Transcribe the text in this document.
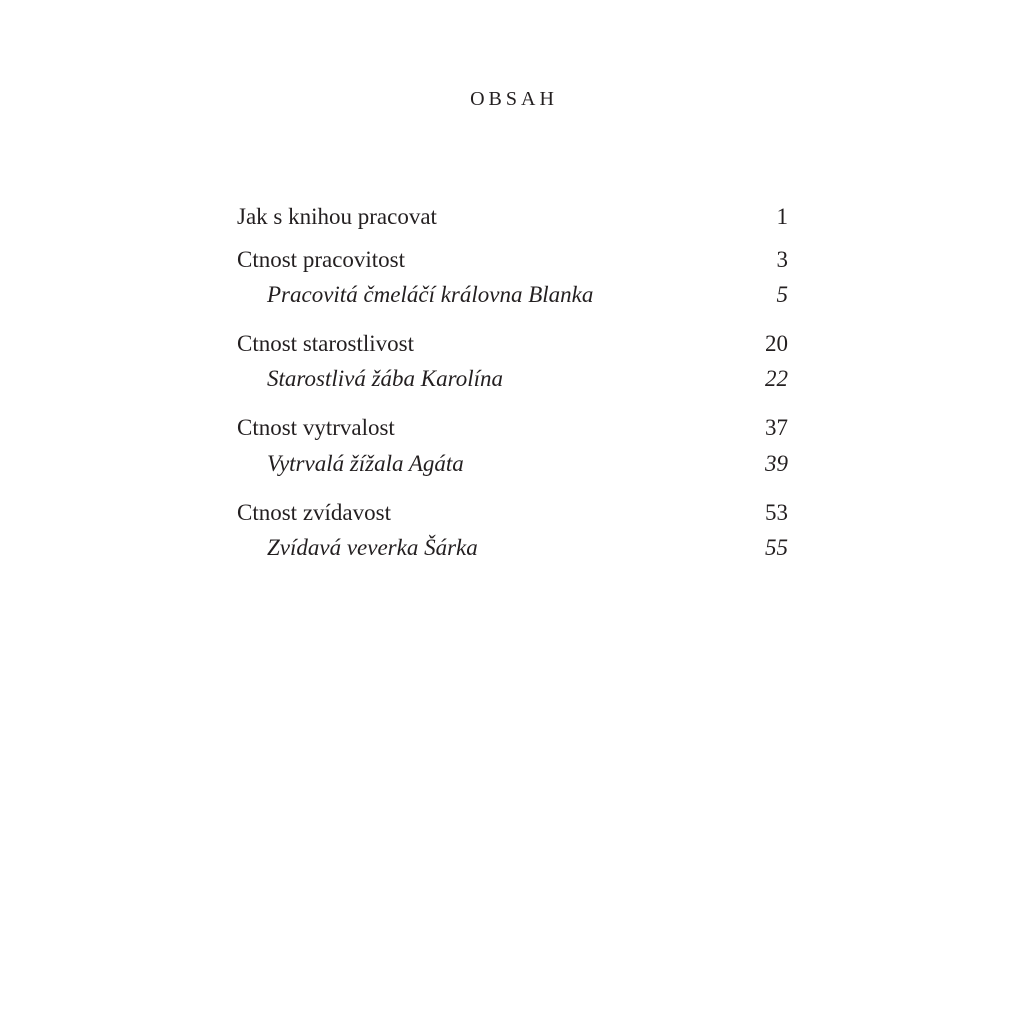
OBSAH
Jak s knihou pracovat	1
Ctnost pracovitost	3
Pracovitá čmeláčí královna Blanka	5
Ctnost starostlivost	20
Starostlivá žába Karolína	22
Ctnost vytrvalost	37
Vytrvalá žížala Agáta	39
Ctnost zvídavost	53
Zvídavá veverka Šárka	55
